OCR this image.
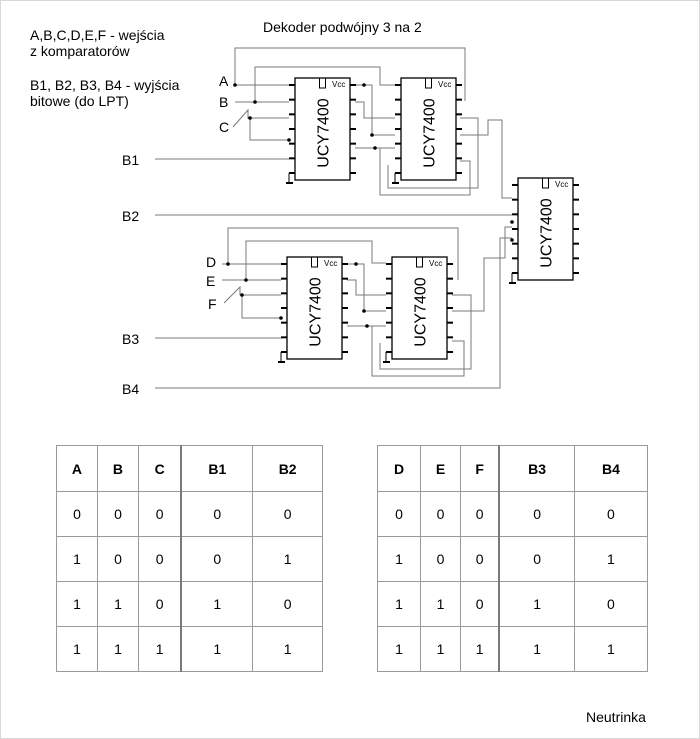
A,B,C,D,E,F - wejścia
z komparatorów
B1, B2, B3, B4 - wyjścia
bitowe (do LPT)
Dekoder podwójny 3 na 2
A
B
C
D
E
F
B1
B2
B3
B4
Vcc
UCY7400
Vcc
UCY7400
Vcc
UCY7400
Vcc
UCY7400
Vcc
UCY7400
A	B	C	B1	B2
0	0	0	0	0
1	0	0	0	1
1	1	0	1	0
1	1	1	1	1
D	E	F	B3	B4
0	0	0	0	0
1	0	0	0	1
1	1	0	1	0
1	1	1	1	1
Neutrinka
